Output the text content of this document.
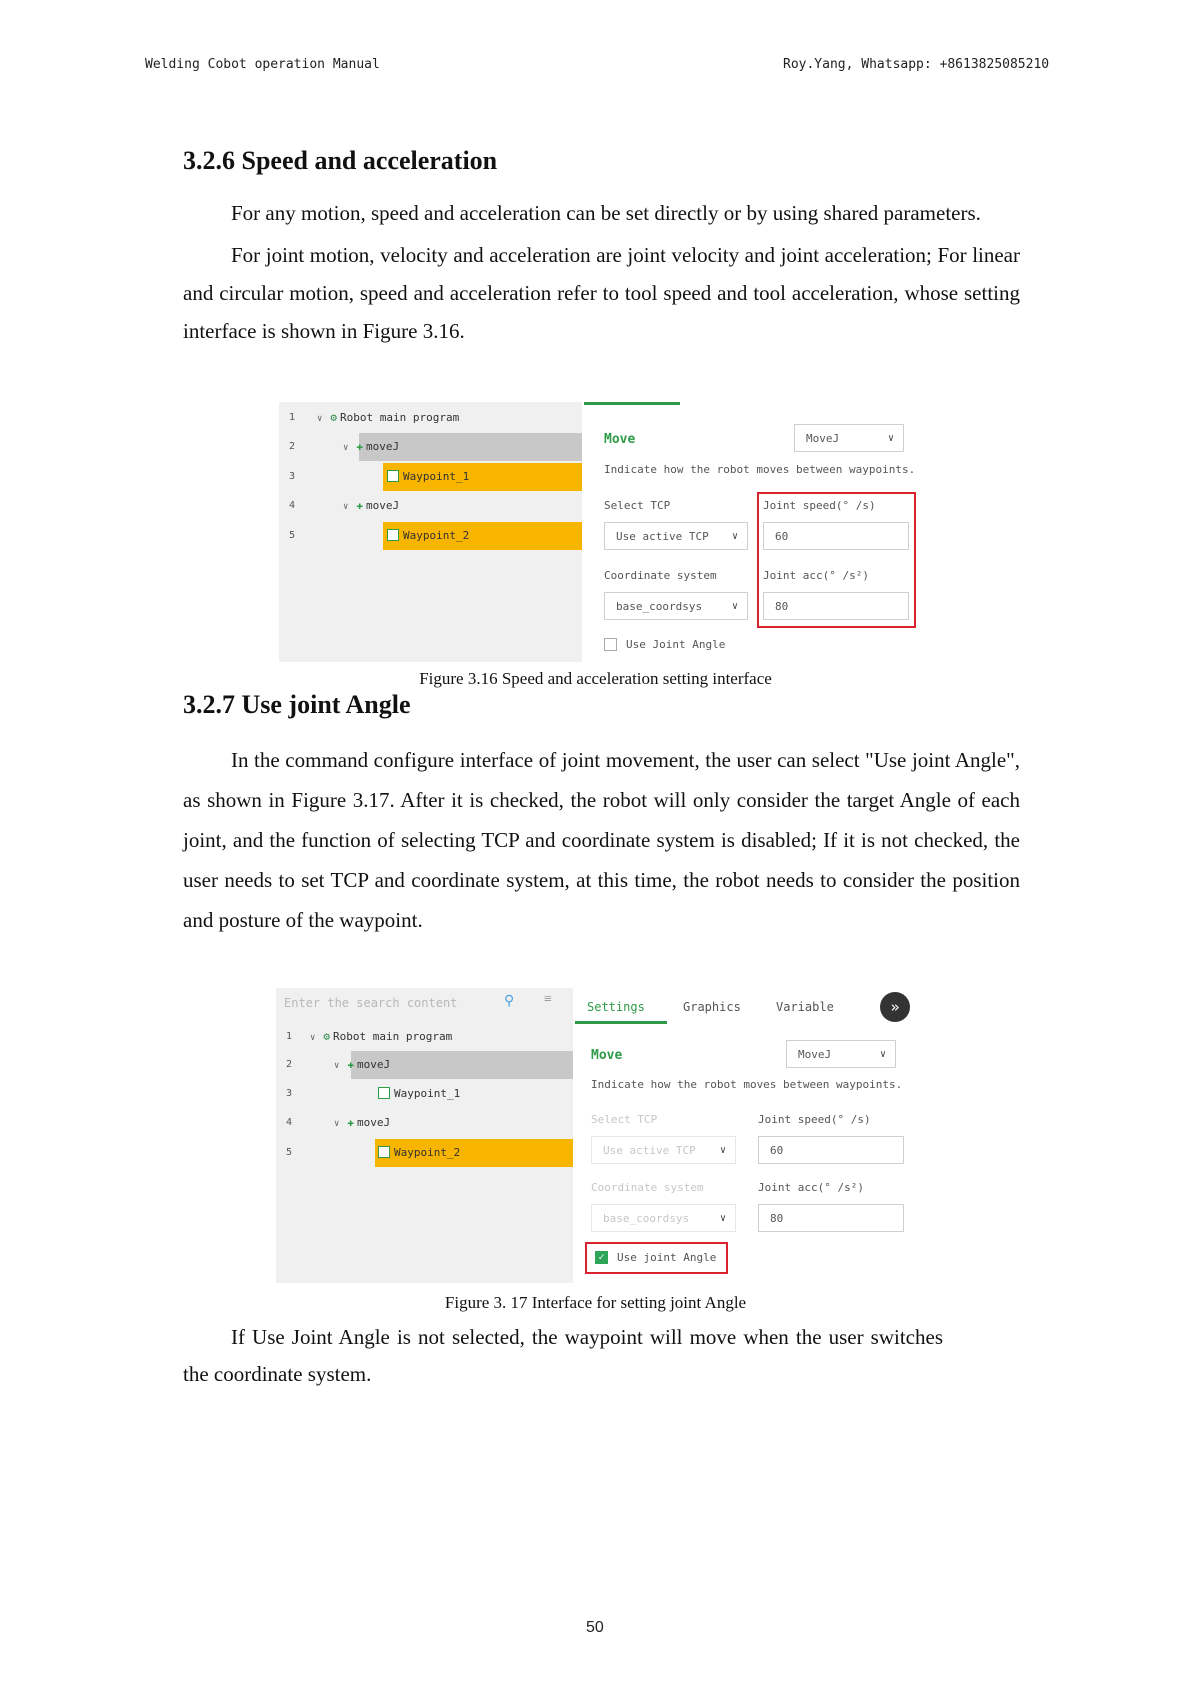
Welding Cobot operation Manual	Roy.Yang, Whatsapp: +8613825085210
3.2.6 Speed and acceleration

For any motion, speed and acceleration can be set directly or by using shared parameters.

For joint motion, velocity and acceleration are joint velocity and joint acceleration; For linear and circular motion, speed and acceleration refer to tool speed and tool acceleration, whose setting interface is shown in Figure 3.16.

1 ∨ ⚙ Robot main program
2	∨ ✚ moveJ
3	Waypoint_1
4	∨ ✚ moveJ
5	Waypoint_2
Move	MoveJ	∨
Indicate how the robot moves between waypoints.
Select TCP
Use active TCP ∨
Coordinate system
base_coordsys	∨
Joint speed(° /s)
60
Joint acc(° /s²)
80
Use Joint Angle
Figure 3.16 Speed and acceleration setting interface
3.2.7 Use joint Angle

In the command configure interface of joint movement, the user can select "Use joint Angle", as shown in Figure 3.17. After it is checked, the robot will only consider the target Angle of each joint, and the function of selecting TCP and coordinate system is disabled; If it is not checked, the user needs to set TCP and coordinate system, at this time, the robot needs to consider the position and posture of the waypoint.

Enter the search content	⚲ ≡
1 ∨ ⚙ Robot main program
2	∨ ✚ moveJ
3	Waypoint_1
4	∨ ✚ moveJ
5	Waypoint_2
Settings	Graphics	Variable	»
Move	MoveJ	∨
Indicate how the robot moves between waypoints.
Select TCP
Use active TCP ∨
Coordinate system
base_coordsys	∨
Joint speed(° /s)
60
Joint acc(° /s²)
80
✓	Use joint Angle
Figure 3. 17 Interface for setting joint Angle

If Use Joint Angle is not selected, the waypoint will move when the user switches the coordinate system.

50
